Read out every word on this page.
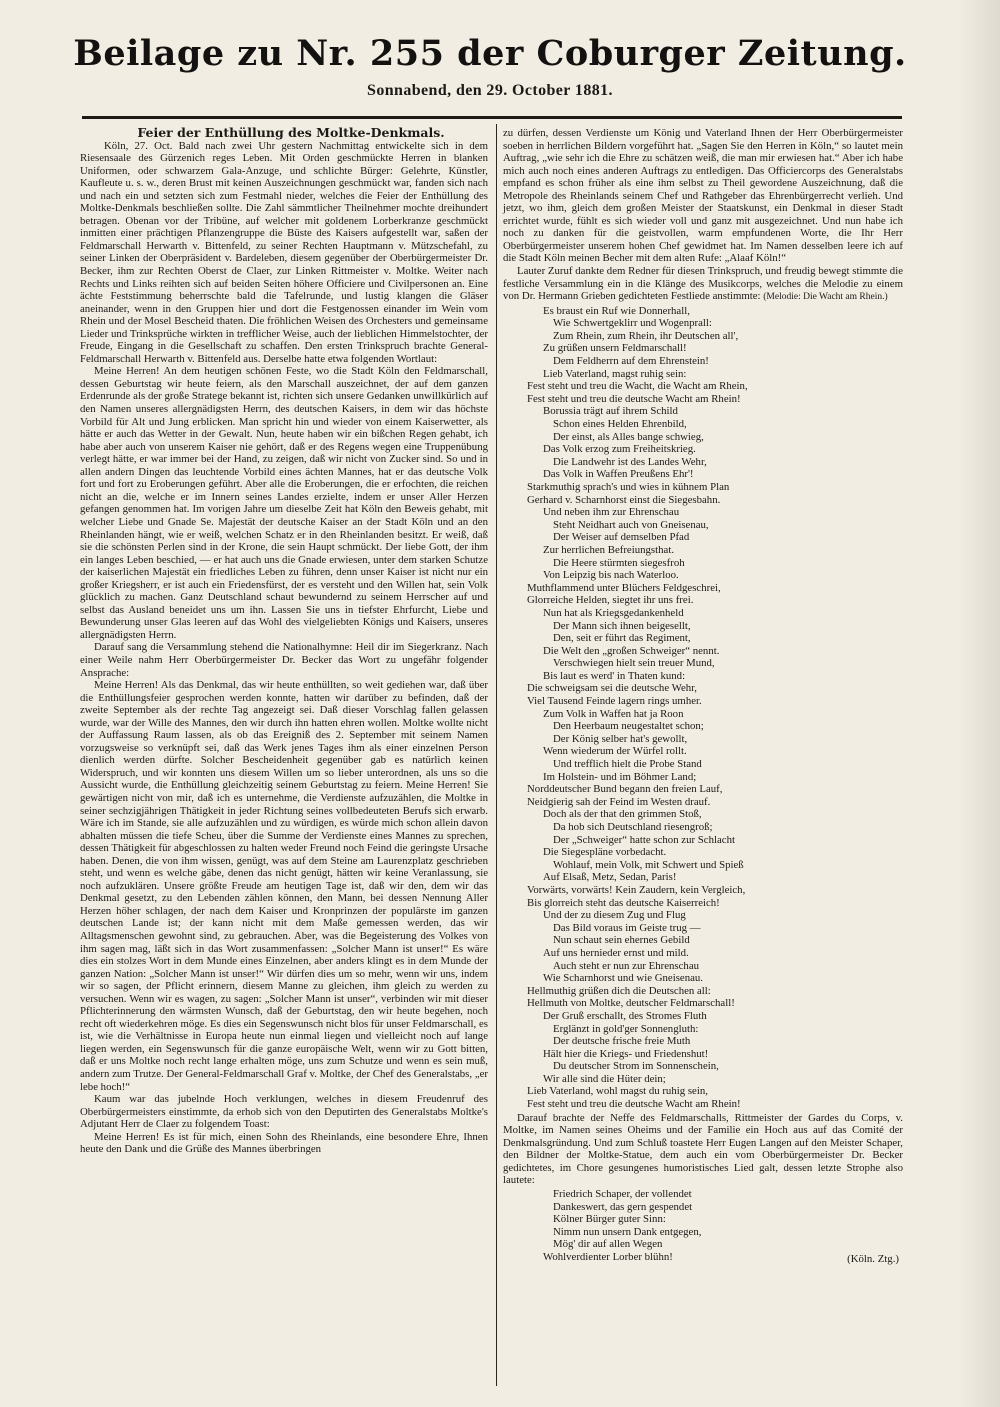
Beilage zu Nr. 255 der Coburger Zeitung.
Sonnabend, den 29. October 1881.

Feier der Enthüllung des Moltke-Denkmals.

Köln, 27. Oct. Bald nach zwei Uhr gestern Nachmittag entwickelte sich in dem Riesensaale des Gürzenich reges Leben. Mit Orden geschmückte Herren in blanken Uniformen, oder schwarzem Gala-Anzuge, und schlichte Bürger: Gelehrte, Künstler, Kaufleute u. s. w., deren Brust mit keinen Auszeichnungen geschmückt war, fanden sich nach und nach ein und setzten sich zum Festmahl nieder, welches die Feier der Enthüllung des Moltke-Denkmals beschließen sollte. Die Zahl sämmtlicher Theilnehmer mochte dreihundert betragen. Obenan vor der Tribüne, auf welcher mit goldenem Lorberkranze geschmückt inmitten einer prächtigen Pflanzengruppe die Büste des Kaisers aufgestellt war, saßen der Feldmarschall Herwarth v. Bittenfeld, zu seiner Rechten Hauptmann v. Mützschefahl, zu seiner Linken der Oberpräsident v. Bardeleben, diesem gegenüber der Oberbürgermeister Dr. Becker, ihm zur Rechten Oberst de Claer, zur Linken Rittmeister v. Moltke. Weiter nach Rechts und Links reihten sich auf beiden Seiten höhere Officiere und Civilpersonen an. Eine ächte Feststimmung beherrschte bald die Tafelrunde, und lustig klangen die Gläser aneinander, wenn in den Gruppen hier und dort die Festgenossen einander im Wein vom Rhein und der Mosel Bescheid thaten. Die fröhlichen Weisen des Orchesters und gemeinsame Lieder und Trinksprüche wirkten in trefflicher Weise, auch der lieblichen Himmelstochter, der Freude, Eingang in die Gesellschaft zu schaffen. Den ersten Trinkspruch brachte General-Feldmarschall Herwarth v. Bittenfeld aus. Derselbe hatte etwa folgenden Wortlaut:

Meine Herren! An dem heutigen schönen Feste, wo die Stadt Köln den Feldmarschall, dessen Geburtstag wir heute feiern, als den Marschall auszeichnet, der auf dem ganzen Erdenrunde als der große Stratege bekannt ist, richten sich unsere Gedanken unwillkürlich auf den Namen unseres allergnädigsten Herrn, des deutschen Kaisers, in dem wir das höchste Vorbild für Alt und Jung erblicken. Man spricht hin und wieder von einem Kaiserwetter, als hätte er auch das Wetter in der Gewalt. Nun, heute haben wir ein bißchen Regen gehabt, ich habe aber auch von unserem Kaiser nie gehört, daß er des Regens wegen eine Truppenübung verlegt hätte, er war immer bei der Hand, zu zeigen, daß wir nicht von Zucker sind. So und in allen andern Dingen das leuchtende Vorbild eines ächten Mannes, hat er das deutsche Volk fort und fort zu Eroberungen geführt. Aber alle die Eroberungen, die er erfochten, die reichen nicht an die, welche er im Innern seines Landes erzielte, indem er unser Aller Herzen gefangen genommen hat. Im vorigen Jahre um dieselbe Zeit hat Köln den Beweis gehabt, mit welcher Liebe und Gnade Se. Majestät der deutsche Kaiser an der Stadt Köln und an den Rheinlanden hängt, wie er weiß, welchen Schatz er in den Rheinlanden besitzt. Er weiß, daß sie die schönsten Perlen sind in der Krone, die sein Haupt schmückt. Der liebe Gott, der ihm ein langes Leben beschied, — er hat auch uns die Gnade erwiesen, unter dem starken Schutze der kaiserlichen Majestät ein friedliches Leben zu führen, denn unser Kaiser ist nicht nur ein großer Kriegsherr, er ist auch ein Friedensfürst, der es versteht und den Willen hat, sein Volk glücklich zu machen. Ganz Deutschland schaut bewundernd zu seinem Herrscher auf und selbst das Ausland beneidet uns um ihn. Lassen Sie uns in tiefster Ehrfurcht, Liebe und Bewunderung unser Glas leeren auf das Wohl des vielgeliebten Königs und Kaisers, unseres allergnädigsten Herrn.

Darauf sang die Versammlung stehend die Nationalhymne: Heil dir im Siegerkranz. Nach einer Weile nahm Herr Oberbürgermeister Dr. Becker das Wort zu ungefähr folgender Ansprache:

Meine Herren! Als das Denkmal, das wir heute enthüllten, so weit gediehen war, daß über die Enthüllungsfeier gesprochen werden konnte, hatten wir darüber zu befinden, daß der zweite September als der rechte Tag angezeigt sei. Daß dieser Vorschlag fallen gelassen wurde, war der Wille des Mannes, den wir durch ihn hatten ehren wollen. Moltke wollte nicht der Auffassung Raum lassen, als ob das Ereigniß des 2. September mit seinem Namen vorzugsweise so verknüpft sei, daß das Werk jenes Tages ihm als einer einzelnen Person dienlich werden dürfte. Solcher Bescheidenheit gegenüber gab es natürlich keinen Widerspruch, und wir konnten uns diesem Willen um so lieber unterordnen, als uns so die Aussicht wurde, die Enthüllung gleichzeitig seinem Geburtstag zu feiern. Meine Herren! Sie gewärtigen nicht von mir, daß ich es unternehme, die Verdienste aufzuzählen, die Moltke in seiner sechzigjährigen Thätigkeit in jeder Richtung seines vollbedeuteten Berufs sich erwarb. Wäre ich im Stande, sie alle aufzuzählen und zu würdigen, es würde mich schon allein davon abhalten müssen die tiefe Scheu, über die Summe der Verdienste eines Mannes zu sprechen, dessen Thätigkeit für abgeschlossen zu halten weder Freund noch Feind die geringste Ursache haben. Denen, die von ihm wissen, genügt, was auf dem Steine am Laurenzplatz geschrieben steht, und wenn es welche gäbe, denen das nicht genügt, hätten wir keine Veranlassung, sie noch aufzuklären. Unsere größte Freude am heutigen Tage ist, daß wir den, dem wir das Denkmal gesetzt, zu den Lebenden zählen können, den Mann, bei dessen Nennung Aller Herzen höher schlagen, der nach dem Kaiser und Kronprinzen der populärste im ganzen deutschen Lande ist; der kann nicht mit dem Maße gemessen werden, das wir Alltagsmenschen gewohnt sind, zu gebrauchen. Aber, was die Begeisterung des Volkes von ihm sagen mag, läßt sich in das Wort zusammenfassen: „Solcher Mann ist unser!“ Es wäre dies ein stolzes Wort in dem Munde eines Einzelnen, aber anders klingt es in dem Munde der ganzen Nation: „Solcher Mann ist unser!“ Wir dürfen dies um so mehr, wenn wir uns, indem wir so sagen, der Pflicht erinnern, diesem Manne zu gleichen, ihm gleich zu werden zu versuchen. Wenn wir es wagen, zu sagen: „Solcher Mann ist unser“, verbinden wir mit dieser Pflichterinnerung den wärmsten Wunsch, daß der Geburtstag, den wir heute begehen, noch recht oft wiederkehren möge. Es dies ein Segenswunsch nicht blos für unser Feldmarschall, es ist, wie die Verhältnisse in Europa heute nun einmal liegen und vielleicht noch auf lange liegen werden, ein Segenswunsch für die ganze europäische Welt, wenn wir zu Gott bitten, daß er uns Moltke noch recht lange erhalten möge, uns zum Schutze und wenn es sein muß, andern zum Trutze. Der General-Feldmarschall Graf v. Moltke, der Chef des Generalstabs, „er lebe hoch!“

Kaum war das jubelnde Hoch verklungen, welches in diesem Freudenruf des Oberbürgermeisters einstimmte, da erhob sich von den Deputirten des Generalstabs Moltke's Adjutant Herr de Claer zu folgendem Toast:

Meine Herren! Es ist für mich, einen Sohn des Rheinlands, eine besondere Ehre, Ihnen heute den Dank und die Grüße des Mannes überbringen

zu dürfen, dessen Verdienste um König und Vaterland Ihnen der Herr Oberbürgermeister soeben in herrlichen Bildern vorgeführt hat. „Sagen Sie den Herren in Köln,“ so lautet mein Auftrag, „wie sehr ich die Ehre zu schätzen weiß, die man mir erwiesen hat.“ Aber ich habe mich auch noch eines anderen Auftrags zu entledigen. Das Officiercorps des Generalstabs empfand es schon früher als eine ihm selbst zu Theil gewordene Auszeichnung, daß die Metropole des Rheinlands seinem Chef und Rathgeber das Ehrenbürgerrecht verlieh. Und jetzt, wo ihm, gleich dem großen Meister der Staatskunst, ein Denkmal in dieser Stadt errichtet wurde, fühlt es sich wieder voll und ganz mit ausgezeichnet. Und nun habe ich noch zu danken für die geistvollen, warm empfundenen Worte, die Ihr Herr Oberbürgermeister unserem hohen Chef gewidmet hat. Im Namen desselben leere ich auf die Stadt Köln meinen Becher mit dem alten Rufe: „Alaaf Köln!“

Lauter Zuruf dankte dem Redner für diesen Trinkspruch, und freudig bewegt stimmte die festliche Versammlung ein in die Klänge des Musikcorps, welches die Melodie zu einem von Dr. Hermann Grieben gedichteten Festliede anstimmte: (Melodie: Die Wacht am Rhein.)

Es braust ein Ruf wie Donnerhall,
Wie Schwertgeklirr und Wogenprall:
Zum Rhein, zum Rhein, ihr Deutschen all',
Zu grüßen unsern Feldmarschall!
Dem Feldherrn auf dem Ehrenstein!
Lieb Vaterland, magst ruhig sein:
Fest steht und treu die Wacht, die Wacht am Rhein,
Fest steht und treu die deutsche Wacht am Rhein!
Borussia trägt auf ihrem Schild
Schon eines Helden Ehrenbild,
Der einst, als Alles bange schwieg,
Das Volk erzog zum Freiheitskrieg.
Die Landwehr ist des Landes Wehr,
Das Volk in Waffen Preußens Ehr'!
Starkmuthig sprach's und wies in kühnem Plan
Gerhard v. Scharnhorst einst die Siegesbahn.
Und neben ihm zur Ehrenschau
Steht Neidhart auch von Gneisenau,
Der Weiser auf demselben Pfad
Zur herrlichen Befreiungsthat.
Die Heere stürmten siegesfroh
Von Leipzig bis nach Waterloo.
Muthflammend unter Blüchers Feldgeschrei,
Glorreiche Helden, siegtet ihr uns frei.
Nun hat als Kriegsgedankenheld
Der Mann sich ihnen beigesellt,
Den, seit er führt das Regiment,
Die Welt den „großen Schweiger“ nennt.
Verschwiegen hielt sein treuer Mund,
Bis laut es werd' in Thaten kund:
Die schweigsam sei die deutsche Wehr,
Viel Tausend Feinde lagern rings umher.
Zum Volk in Waffen hat ja Roon
Den Heerbaum neugestaltet schon;
Der König selber hat's gewollt,
Wenn wiederum der Würfel rollt.
Und trefflich hielt die Probe Stand
Im Holstein- und im Böhmer Land;
Norddeutscher Bund begann den freien Lauf,
Neidgierig sah der Feind im Westen drauf.
Doch als der that den grimmen Stoß,
Da hob sich Deutschland riesengroß;
Der „Schweiger“ hatte schon zur Schlacht
Die Siegespläne vorbedacht.
Wohlauf, mein Volk, mit Schwert und Spieß
Auf Elsaß, Metz, Sedan, Paris!
Vorwärts, vorwärts! Kein Zaudern, kein Vergleich,
Bis glorreich steht das deutsche Kaiserreich!
Und der zu diesem Zug und Flug
Das Bild voraus im Geiste trug —
Nun schaut sein ehernes Gebild
Auf uns hernieder ernst und mild.
Auch steht er nun zur Ehrenschau
Wie Scharnhorst und wie Gneisenau.
Hellmuthig grüßen dich die Deutschen all:
Hellmuth von Moltke, deutscher Feldmarschall!
Der Gruß erschallt, des Stromes Fluth
Erglänzt in gold'ger Sonnengluth:
Der deutsche frische freie Muth
Hält hier die Kriegs- und Friedenshut!
Du deutscher Strom im Sonnenschein,
Wir alle sind die Hüter dein;
Lieb Vaterland, wohl magst du ruhig sein,
Fest steht und treu die deutsche Wacht am Rhein!

Darauf brachte der Neffe des Feldmarschalls, Rittmeister der Gardes du Corps, v. Moltke, im Namen seines Oheims und der Familie ein Hoch aus auf das Comité der Denkmalsgründung. Und zum Schluß toastete Herr Eugen Langen auf den Meister Schaper, den Bildner der Moltke-Statue, dem auch ein vom Oberbürgermeister Dr. Becker gedichtetes, im Chore gesungenes humoristisches Lied galt, dessen letzte Strophe also lautete:

Friedrich Schaper, der vollendet
Dankeswert, das gern gespendet
Kölner Bürger guter Sinn:
Nimm nun unsern Dank entgegen,
Mög' dir auf allen Wegen
Wohlverdienter Lorber blühn!	(Köln. Ztg.)
